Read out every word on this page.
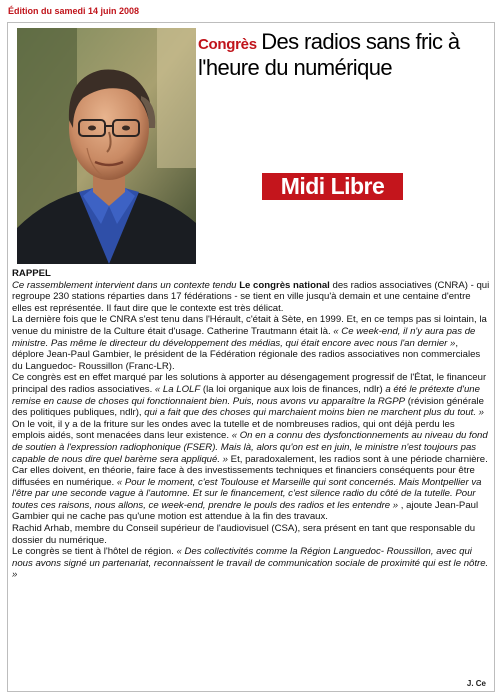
Édition du samedi 14 juin 2008
Congrès Des radios sans fric à l'heure du numérique
Midi Libre

RAPPEL

Ce rassemblement intervient dans un contexte tendu Le congrès national des radios associatives (CNRA) - qui regroupe 230 stations réparties dans 17 fédérations - se tient en ville jusqu'à demain et une centaine d'entre elles est représentée. Il faut dire que le contexte est très délicat.

La dernière fois que le CNRA s'est tenu dans l'Hérault, c'était à Sète, en 1999. Et, en ce temps pas si lointain, la venue du ministre de la Culture était d'usage. Catherine Trautmann était là. « Ce week-end, il n'y aura pas de ministre. Pas même le directeur du développement des médias, qui était encore avec nous l'an dernier », déplore Jean-Paul Gambier, le président de la Fédération régionale des radios associatives non commerciales du Languedoc- Roussillon (Franc-LR).

Ce congrès est en effet marqué par les solutions à apporter au désengagement progressif de l'État, le financeur principal des radios associatives. « La LOLF (la loi organique aux lois de finances, ndlr) a été le prétexte d'une remise en cause de choses qui fonctionnaient bien. Puis, nous avons vu apparaître la RGPP (révision générale des politiques publiques, ndlr), qui a fait que des choses qui marchaient moins bien ne marchent plus du tout. » On le voit, il y a de la friture sur les ondes avec la tutelle et de nombreuses radios, qui ont déjà perdu les emplois aidés, sont menacées dans leur existence. « On en a connu des dysfonctionnements au niveau du fond de soutien à l'expression radiophonique (FSER). Mais là, alors qu'on est en juin, le ministre n'est toujours pas capable de nous dire quel barème sera appliqué. » Et, paradoxalement, les radios sont à une période charnière. Car elles doivent, en théorie, faire face à des investissements techniques et financiers conséquents pour être diffusées en numérique. « Pour le moment, c'est Toulouse et Marseille qui sont concernés. Mais Montpellier va l'être par une seconde vague à l'automne. Et sur le financement, c'est silence radio du côté de la tutelle. Pour toutes ces raisons, nous allons, ce week-end, prendre le pouls des radios et les entendre » , ajoute Jean-Paul Gambier qui ne cache pas qu'une motion est attendue à la fin des travaux.

Rachid Arhab, membre du Conseil supérieur de l'audiovisuel (CSA), sera présent en tant que responsable du dossier du numérique.

Le congrès se tient à l'hôtel de région. « Des collectivités comme la Région Languedoc- Roussillon, avec qui nous avons signé un partenariat, reconnaissent le travail de communication sociale de proximité qui est le nôtre. »

J. Ce
